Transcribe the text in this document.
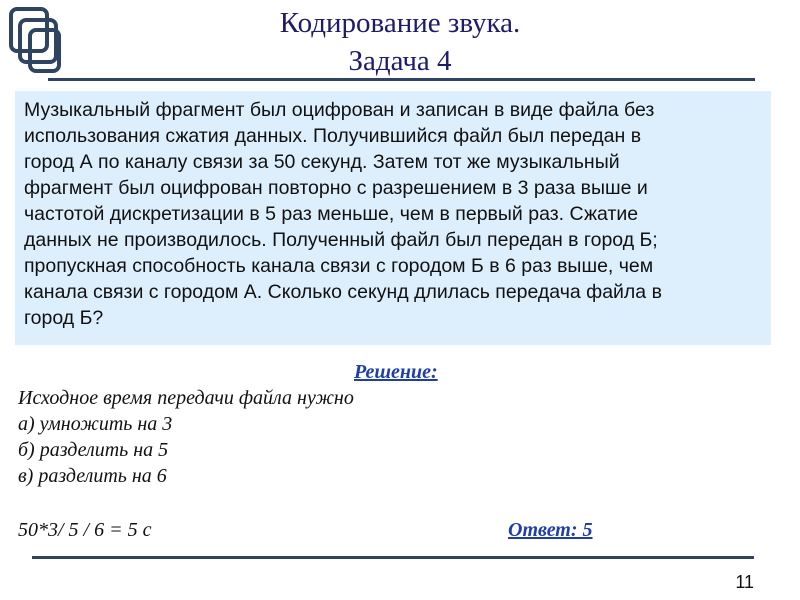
Кодирование звука.
Задача 4
Музыкальный фрагмент был оцифрован и записан в виде файла без
использования сжатия данных. Получившийся файл был передан в
город А по каналу связи за 50 секунд. Затем тот же музыкальный
фрагмент был оцифрован повторно с разрешением в 3 раза выше и
частотой дискретизации в 5 раз меньше, чем в первый раз. Сжатие
данных не производилось. Полученный файл был передан в город Б;
пропускная способность канала связи с городом Б в 6 раз выше, чем
канала связи с городом А. Сколько секунд длилась передача файла в
город Б?
Решение:
Исходное время передачи файла нужно
а) умножить на 3
б) разделить на 5
в) разделить на 6
50*3/ 5 / 6 = 5 с	Ответ: 5
11
